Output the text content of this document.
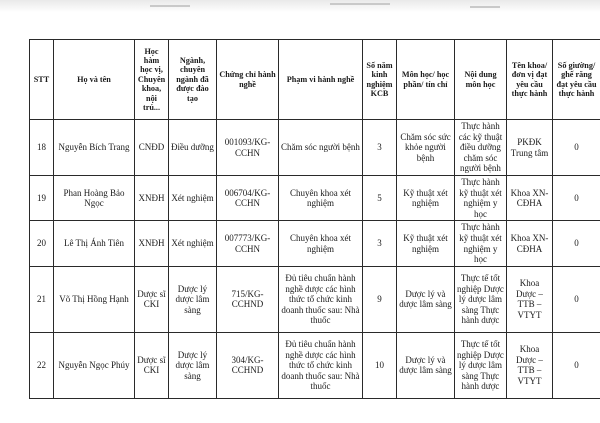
STT	Họ và tên	Học hàm học vị, Chuyên khoa, nội trú...	Ngành, chuyên ngành đã được đào tạo	Chứng chỉ hành nghề	Phạm vi hành nghề	Số năm kinh nghiệm KCB	Môn học/ học phần/ tín chỉ	Nội dung môn học	Tên khoa/ đơn vị đạt yêu cầu thực hành	Số giường/ ghế răng đạt yêu cầu thực hành
18	Nguyễn Bích Trang	CNĐD	Điều dưỡng	001093/KG-CCHN	Chăm sóc người bệnh	3	Chăm sóc sức khỏe người bệnh	Thực hành các kỹ thuật điều dưỡng chăm sóc người bệnh	PKĐK Trung tâm	0
19	Phan Hoàng Bảo Ngọc	XNĐH	Xét nghiệm	006704/KG-CCHN	Chuyên khoa xét nghiệm	5	Kỹ thuật xét nghiệm	Thực hành kỹ thuật xét nghiệm y học	Khoa XN-CĐHA	0
20	Lê Thị Ánh Tiên	XNĐH	Xét nghiệm	007773/KG-CCHN	Chuyên khoa xét nghiệm	3	Kỹ thuật xét nghiệm	Thực hành kỹ thuật xét nghiệm y học	Khoa XN-CĐHA	0
21	Võ Thị Hồng Hạnh	Dược sĩ CKI	Dược lý dược lâm sàng	715/KG-CCHND	Đủ tiêu chuẩn hành nghề dược các hình thức tổ chức kinh doanh thuốc sau: Nhà thuốc	9	Dược lý và dược lâm sàng	Thực tế tốt nghiệp Dược lý dược lâm sàng Thực hành dược	Khoa Dược – TTB –VTYT	0
22	Nguyễn Ngọc Phúy	Dược sĩ CKI	Dược lý dược lâm sàng	304/KG-CCHND	Đủ tiêu chuẩn hành nghề dược các hình thức tổ chức kinh doanh thuốc sau: Nhà thuốc	10	Dược lý và dược lâm sàng	Thực tế tốt nghiệp Dược lý dược lâm sàng Thực hành dược	Khoa Dược – TTB –VTYT	0
